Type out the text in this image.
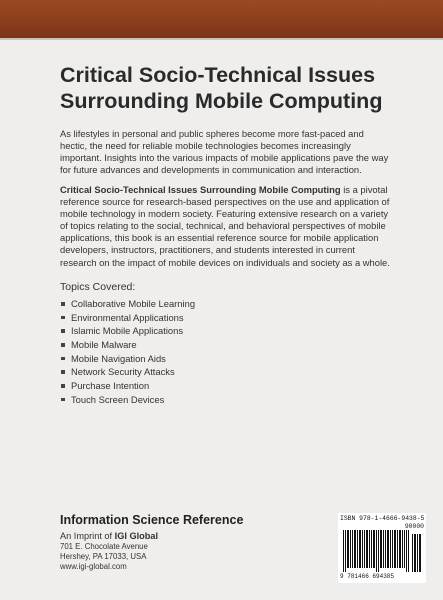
Critical Socio-Technical Issues
Surrounding Mobile Computing

As lifestyles in personal and public spheres become more fast-paced and hectic, the need for reliable mobile technologies becomes increasingly important. Insights into the various impacts of mobile applications pave the way for future advances and developments in communication and interaction.

Critical Socio-Technical Issues Surrounding Mobile Computing is a pivotal reference source for research-based perspectives on the use and application of mobile technology in modern society. Featuring extensive research on a variety of topics relating to the social, technical, and behavioral perspectives of mobile applications, this book is an essential reference source for mobile application developers, instructors, practitioners, and students interested in current research on the impact of mobile devices on individuals and society as a whole.

Topics Covered:

Collaborative Mobile Learning
Environmental Applications
Islamic Mobile Applications
Mobile Malware
Mobile Navigation Aids
Network Security Attacks
Purchase Intention
Touch Screen Devices
Information Science Reference
An Imprint of IGI Global
701 E. Chocolate Avenue
Hershey, PA 17033, USA
www.igi-global.com
ISBN 978-1-4666-9438-5
90000
9 781466 694385
